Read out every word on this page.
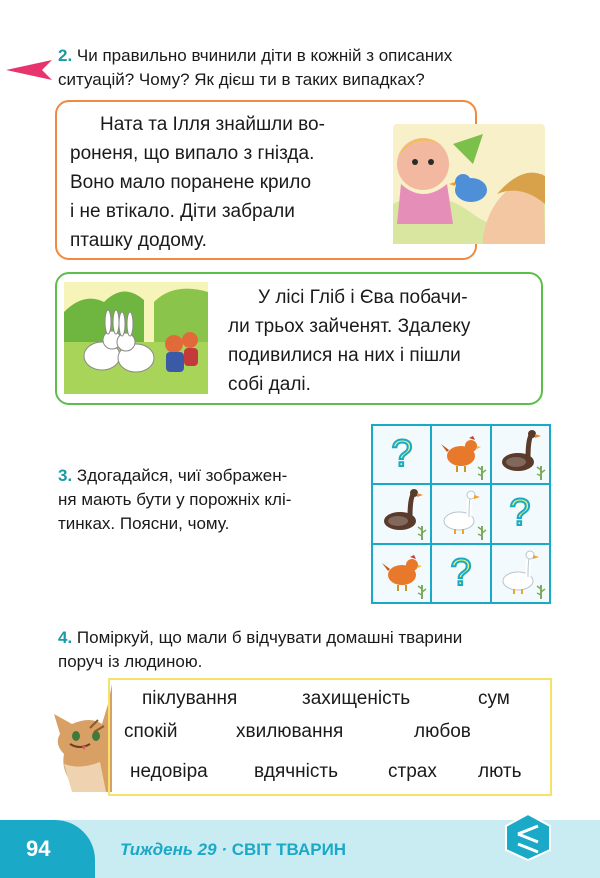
2. Чи правильно вчинили діти в кожній з описаних
ситуацій? Чому? Як дієш ти в таких випадках?
Ната та Ілля знайшли во-
роненя, що випало з гнізда.
Воно мало поранене крило
і не втікало. Діти забрали
пташку додому.
У лісі Гліб і Єва побачи-
ли трьох зайченят. Здалеку
подивилися на них і пішли
собі далі.
3. Здогадайся, чиї зображен-
ня мають бути у порожніх клі-
тинках. Поясни, чому.
?
?
?
4. Поміркуй, що мали б відчувати домашні тварини
поруч із людиною.
піклування	захищеність	сум
спокій	хвилювання	любов
недовіра вдячність	страх лють
94	Тиждень 29 · СВІТ ТВАРИН
